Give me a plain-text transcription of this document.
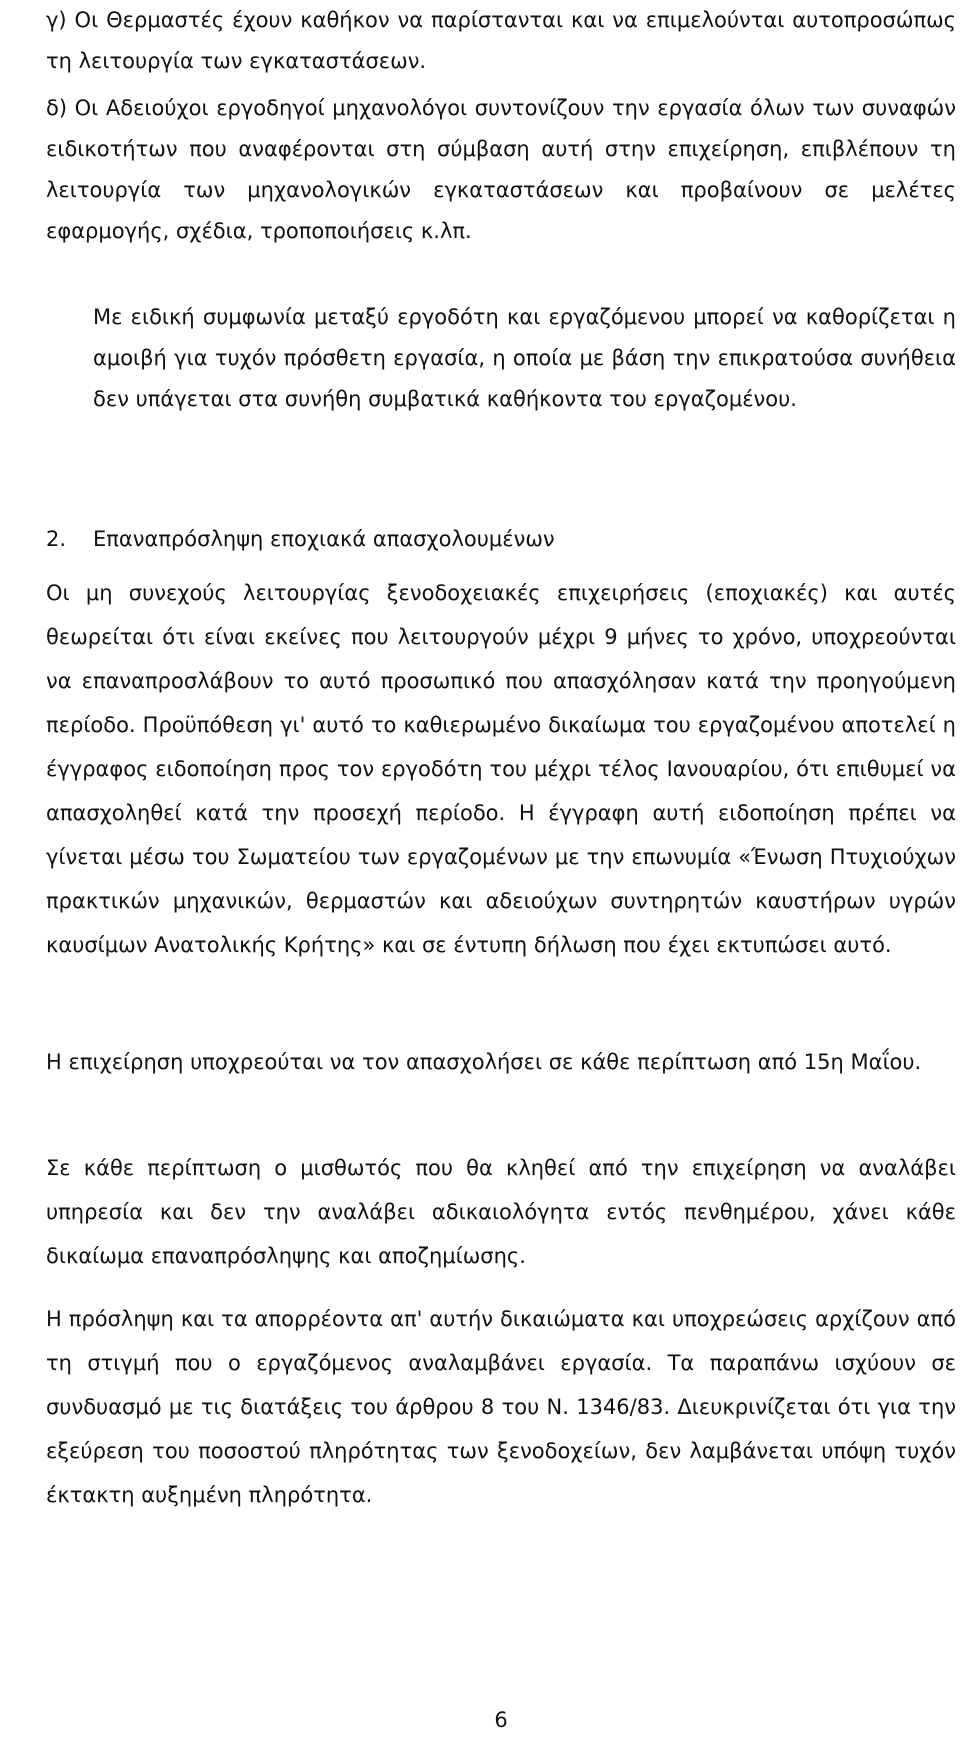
γ) Οι Θερμαστές έχουν καθήκον να παρίστανται και να επιμελούνται αυτοπροσώπως τη λειτουργία των εγκαταστάσεων.

δ) Οι Αδειούχοι εργοδηγοί μηχανολόγοι συντονίζουν την εργασία όλων των συναφών ειδικοτήτων που αναφέρονται στη σύμβαση αυτή στην επιχείρηση, επιβλέπουν τη λειτουργία των μηχανολογικών εγκαταστάσεων και προβαίνουν σε μελέτες εφαρμογής, σχέδια, τροποποιήσεις κ.λπ.

Με ειδική συμφωνία μεταξύ εργοδότη και εργαζόμενου μπορεί να καθορίζεται η αμοιβή για τυχόν πρόσθετη εργασία, η οποία με βάση την επικρατούσα συνήθεια δεν υπάγεται στα συνήθη συμβατικά καθήκοντα του εργαζομένου.

2. Επαναπρόσληψη εποχιακά απασχολουμένων

Οι μη συνεχούς λειτουργίας ξενοδοχειακές επιχειρήσεις (εποχιακές) και αυτές θεωρείται ότι είναι εκείνες που λειτουργούν μέχρι 9 μήνες το χρόνο, υποχρεούνται να επαναπροσλάβουν το αυτό προσωπικό που απασχόλησαν κατά την προηγούμενη περίοδο. Προϋπόθεση γι' αυτό το καθιερωμένο δικαίωμα του εργαζομένου αποτελεί η έγγραφος ειδοποίηση προς τον εργοδότη του μέχρι τέλος Ιανουαρίου, ότι επιθυμεί να απασχοληθεί κατά την προσεχή περίοδο. Η έγγραφη αυτή ειδοποίηση πρέπει να γίνεται μέσω του Σωματείου των εργαζομένων με την επωνυμία «Ένωση Πτυχιούχων πρακτικών μηχανικών, θερμαστών και αδειούχων συντηρητών καυστήρων υγρών καυσίμων Ανατολικής Κρήτης» και σε έντυπη δήλωση που έχει εκτυπώσει αυτό.

Η επιχείρηση υποχρεούται να τον απασχολήσει σε κάθε περίπτωση από 15η Μαΐου.

Σε κάθε περίπτωση ο μισθωτός που θα κληθεί από την επιχείρηση να αναλάβει υπηρεσία και δεν την αναλάβει αδικαιολόγητα εντός πενθημέρου, χάνει κάθε δικαίωμα επαναπρόσληψης και αποζημίωσης.

Η πρόσληψη και τα απορρέοντα απ' αυτήν δικαιώματα και υποχρεώσεις αρχίζουν από τη στιγμή που ο εργαζόμενος αναλαμβάνει εργασία. Τα παραπάνω ισχύουν σε συνδυασμό με τις διατάξεις του άρθρου 8 του Ν. 1346/83. Διευκρινίζεται ότι για την εξεύρεση του ποσοστού πληρότητας των ξενοδοχείων, δεν λαμβάνεται υπόψη τυχόν έκτακτη αυξημένη πληρότητα.

6
